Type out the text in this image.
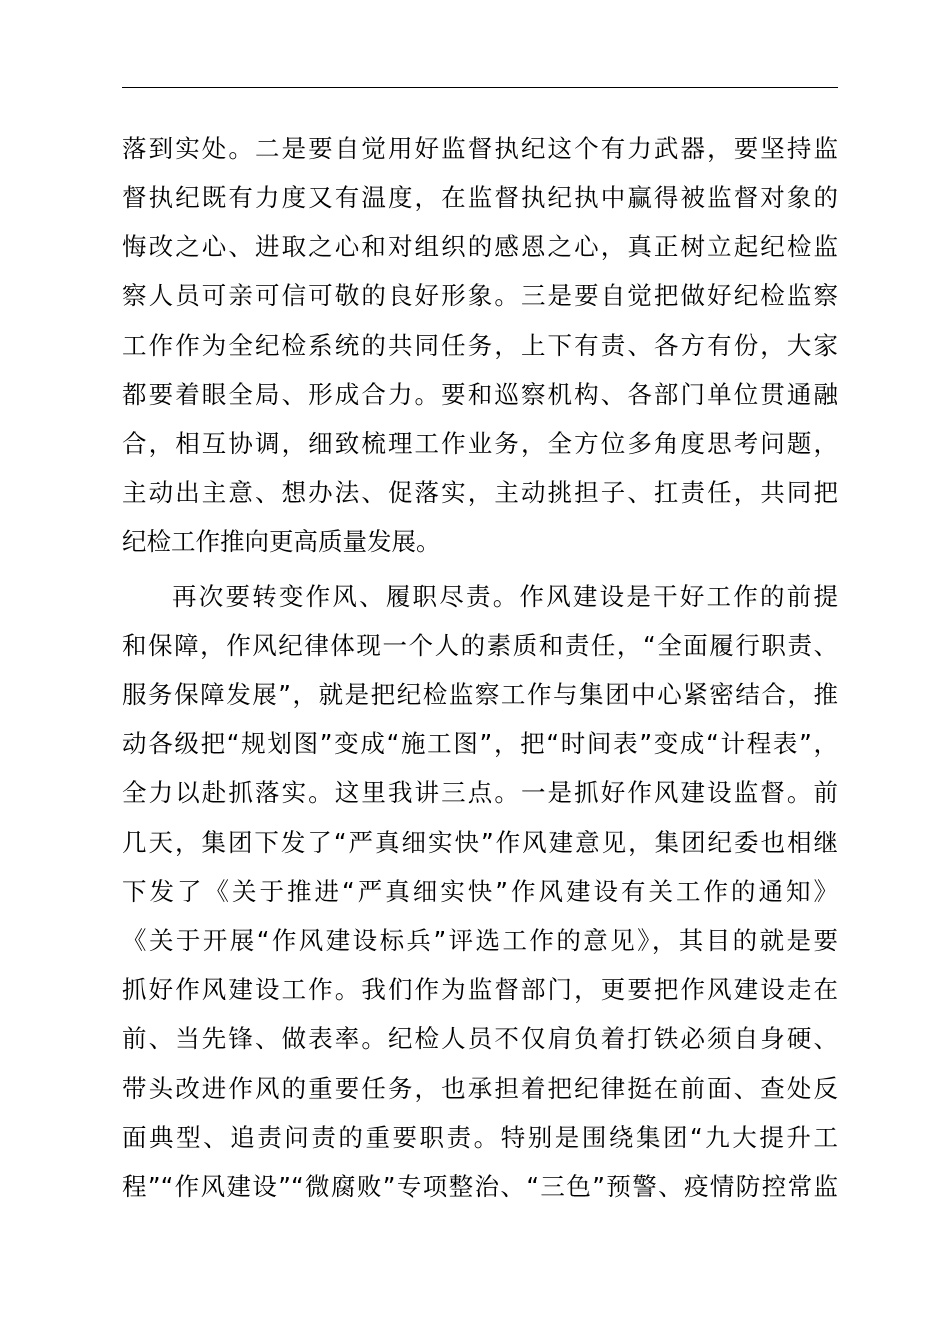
落到实处。二是要自觉用好监督执纪这个有力武器，要坚持监
督执纪既有力度又有温度，在监督执纪执中赢得被监督对象的
悔改之心、进取之心和对组织的感恩之心，真正树立起纪检监
察人员可亲可信可敬的良好形象。三是要自觉把做好纪检监察
工作作为全纪检系统的共同任务，上下有责、各方有份，大家
都要着眼全局、形成合力。要和巡察机构、各部门单位贯通融
合，相互协调，细致梳理工作业务，全方位多角度思考问题，
主动出主意、想办法、促落实，主动挑担子、扛责任，共同把
纪检工作推向更高质量发展。
再次要转变作风、履职尽责。作风建设是干好工作的前提
和保障，作风纪律体现一个人的素质和责任，“全面履行职责、
服务保障发展”，就是把纪检监察工作与集团中心紧密结合，推
动各级把“规划图”变成“施工图”，把“时间表”变成“计程表”，
全力以赴抓落实。这里我讲三点。一是抓好作风建设监督。前
几天，集团下发了“严真细实快”作风建意见，集团纪委也相继
下发了《关于推进“严真细实快”作风建设有关工作的通知》
《关于开展“作风建设标兵”评选工作的意见》，其目的就是要
抓好作风建设工作。我们作为监督部门，更要把作风建设走在
前、当先锋、做表率。纪检人员不仅肩负着打铁必须自身硬、
带头改进作风的重要任务，也承担着把纪律挺在前面、查处反
面典型、追责问责的重要职责。特别是围绕集团“九大提升工
程”“作风建设”“微腐败”专项整治、“三色”预警、疫情防控常监
